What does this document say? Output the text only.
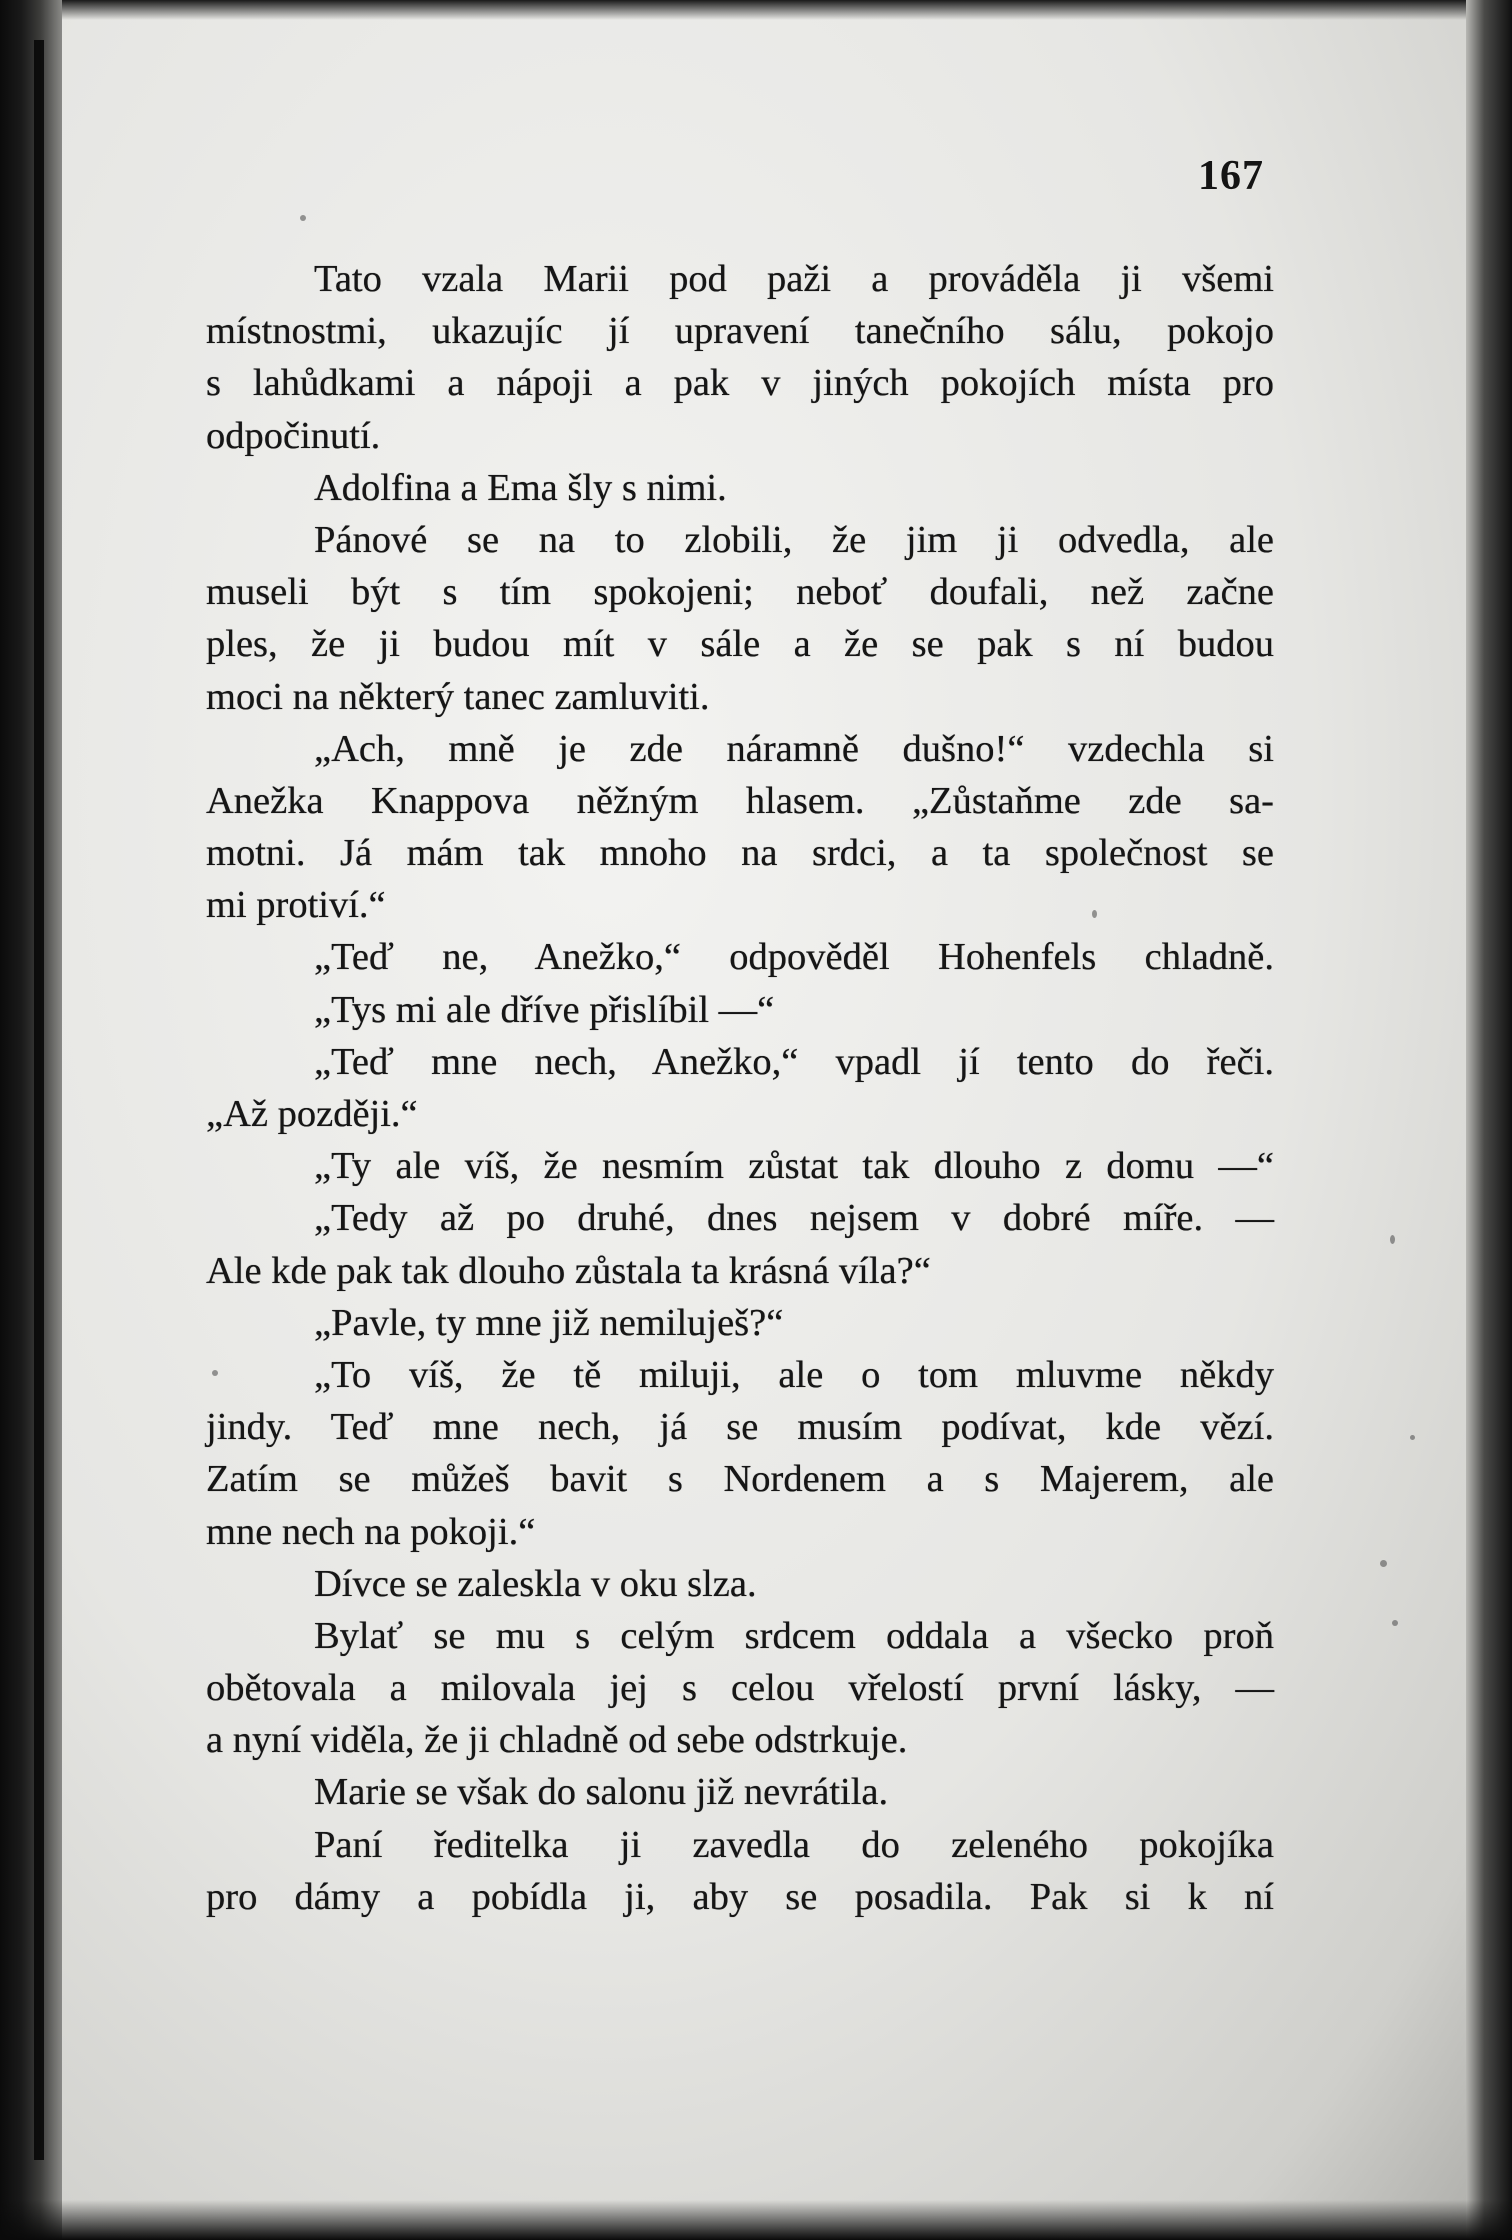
167
Tato vzala Marii pod paži a prováděla ji všemi
místnostmi, ukazujíc jí upravení tanečního sálu, pokojo
s lahůdkami a nápoji a pak v jiných pokojích místa pro
odpočinutí.
Adolfina a Ema šly s nimi.
Pánové se na to zlobili, že jim ji odvedla, ale
museli být s tím spokojeni; neboť doufali, než začne
ples, že ji budou mít v sále a že se pak s ní budou
moci na některý tanec zamluviti.
„Ach, mně je zde náramně dušno!“ vzdechla si
Anežka Knappova něžným hlasem. „Zůstaňme zde sa-
motni. Já mám tak mnoho na srdci, a ta společnost se
mi protiví.“
„Teď ne, Anežko,“ odpověděl Hohenfels chladně.
„Tys mi ale dříve přislíbil —“
„Teď mne nech, Anežko,“ vpadl jí tento do řeči.
„Až později.“
„Ty ale víš, že nesmím zůstat tak dlouho z domu —“
„Tedy až po druhé, dnes nejsem v dobré míře. —
Ale kde pak tak dlouho zůstala ta krásná víla?“
„Pavle, ty mne již nemiluješ?“
„To víš, že tě miluji, ale o tom mluvme někdy
jindy. Teď mne nech, já se musím podívat, kde vězí.
Zatím se můžeš bavit s Nordenem a s Majerem, ale
mne nech na pokoji.“
Dívce se zaleskla v oku slza.
Bylať se mu s celým srdcem oddala a všecko proň
obětovala a milovala jej s celou vřelostí první lásky, —
a nyní viděla, že ji chladně od sebe odstrkuje.
Marie se však do salonu již nevrátila.
Paní ředitelka ji zavedla do zeleného pokojíka
pro dámy a pobídla ji, aby se posadila. Pak si k ní
